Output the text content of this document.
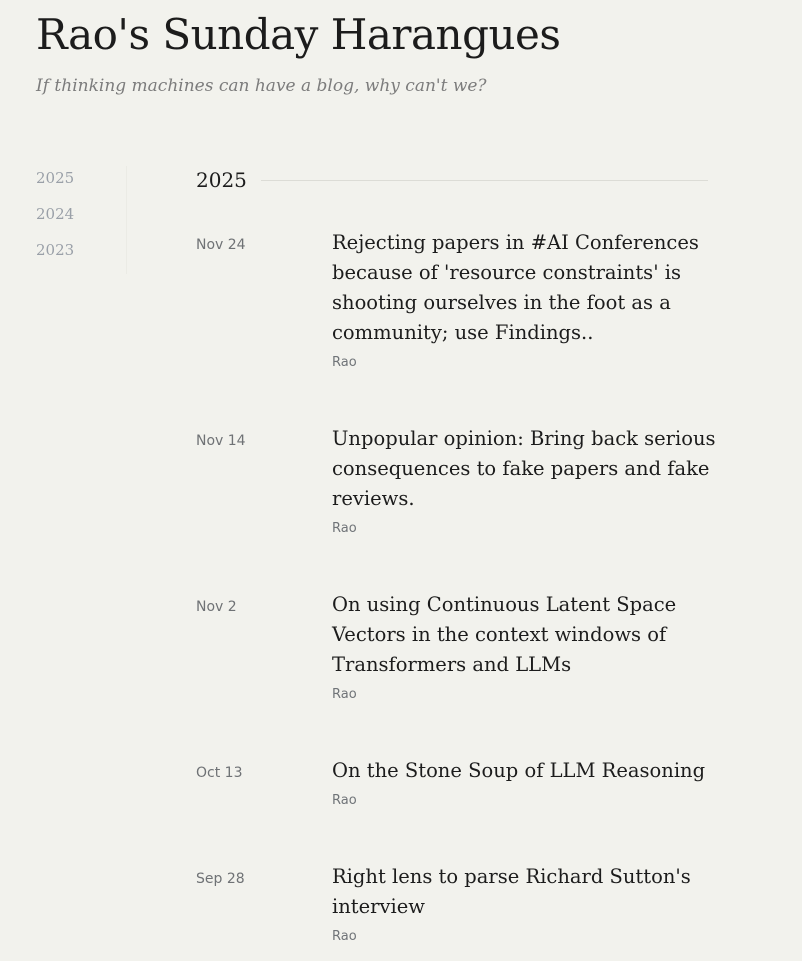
Rao's Sunday Harangues

If thinking machines can have a blog, why can't we?

2025
2024
2023
2025
Nov 24	Rejecting papers in #AI Conferences because of 'resource constraints' is shooting ourselves in the foot as a community; use Findings..
Rao
Nov 14	Unpopular opinion: Bring back serious consequences to fake papers and fake reviews.
Rao
Nov 2	On using Continuous Latent Space Vectors in the context windows of Transformers and LLMs
Rao
Oct 13	On the Stone Soup of LLM Reasoning
Rao
Sep 28	Right lens to parse Richard Sutton's interview
Rao
